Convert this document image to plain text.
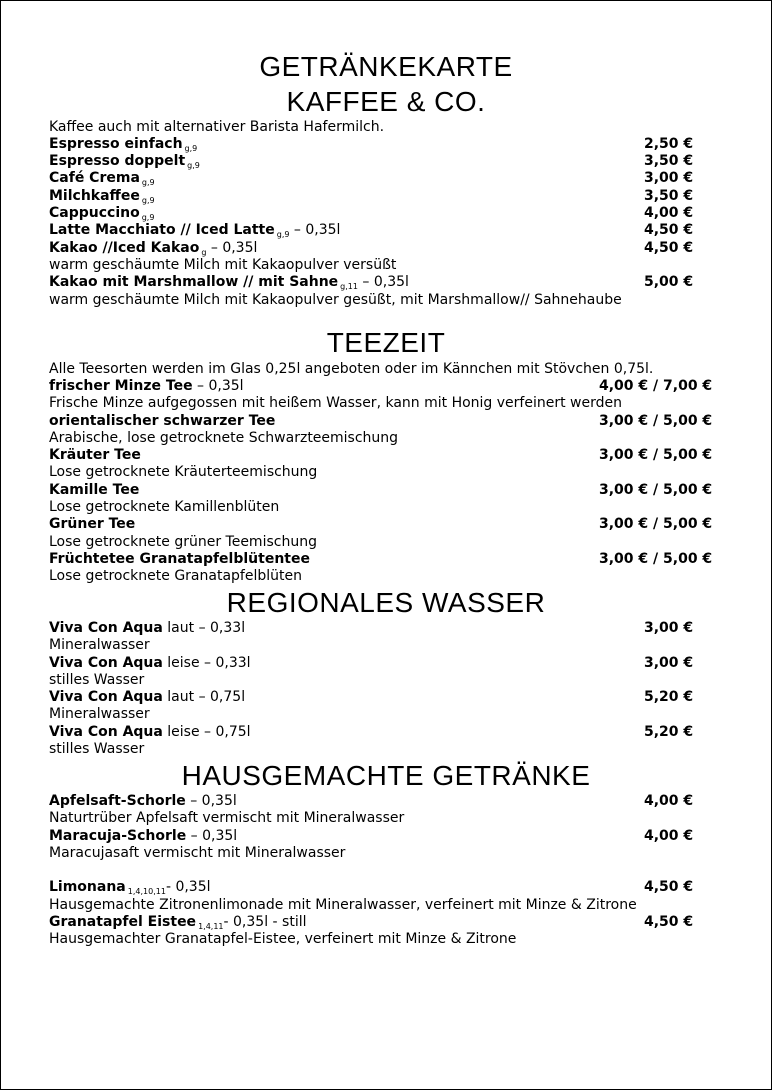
GETRÄNKEKARTE
KAFFEE & CO.
Kaffee auch mit alternativer Barista Hafermilch.
Espresso einfach $_{g,9}$	2,50 €
Espresso doppelt $_{g,9}$	3,50 €
Café Crema $_{g,9}$	3,00 €
Milchkaffee $_{g,9}$	3,50 €
Cappuccino $_{g,9}$	4,00 €
Latte Macchiato // Iced Latte $_{g,9}$ – 0,35l	4,50 €
Kakao //Iced Kakao $_g$ – 0,35l	4,50 €
warm geschäumte Milch mit Kakaopulver versüßt
Kakao mit Marshmallow // mit Sahne $_{g,11}$ – 0,35l	5,00 €
warm geschäumte Milch mit Kakaopulver gesüßt, mit Marshmallow// Sahnehaube
TEEZEIT
Alle Teesorten werden im Glas 0,25l angeboten oder im Kännchen mit Stövchen 0,75l.
frischer Minze Tee – 0,35l	4,00 € / 7,00 €
Frische Minze aufgegossen mit heißem Wasser, kann mit Honig verfeinert werden
orientalischer schwarzer Tee	3,00 € / 5,00 €
Arabische, lose getrocknete Schwarzteemischung
Kräuter Tee	3,00 € / 5,00 €
Lose getrocknete Kräuterteemischung
Kamille Tee	3,00 € / 5,00 €
Lose getrocknete Kamillenblüten
Grüner Tee	3,00 € / 5,00 €
Lose getrocknete grüner Teemischung
Früchtetee Granatapfelblütentee	3,00 € / 5,00 €
Lose getrocknete Granatapfelblüten
REGIONALES WASSER
Viva Con Aqua laut – 0,33l	3,00 €
Mineralwasser
Viva Con Aqua leise – 0,33l	3,00 €
stilles Wasser
Viva Con Aqua laut – 0,75l	5,20 €
Mineralwasser
Viva Con Aqua leise – 0,75l	5,20 €
stilles Wasser
HAUSGEMACHTE GETRÄNKE
Apfelsaft-Schorle – 0,35l	4,00 €
Naturtrüber Apfelsaft vermischt mit Mineralwasser
Maracuja-Schorle – 0,35l	4,00 €
Maracujasaft vermischt mit Mineralwasser
Limonana $_{1,4,10,11}$- 0,35l	4,50 €
Hausgemachte Zitronenlimonade mit Mineralwasser, verfeinert mit Minze & Zitrone
Granatapfel Eistee $_{1,4,11}$- 0,35l - still	4,50 €
Hausgemachter Granatapfel-Eistee, verfeinert mit Minze & Zitrone
